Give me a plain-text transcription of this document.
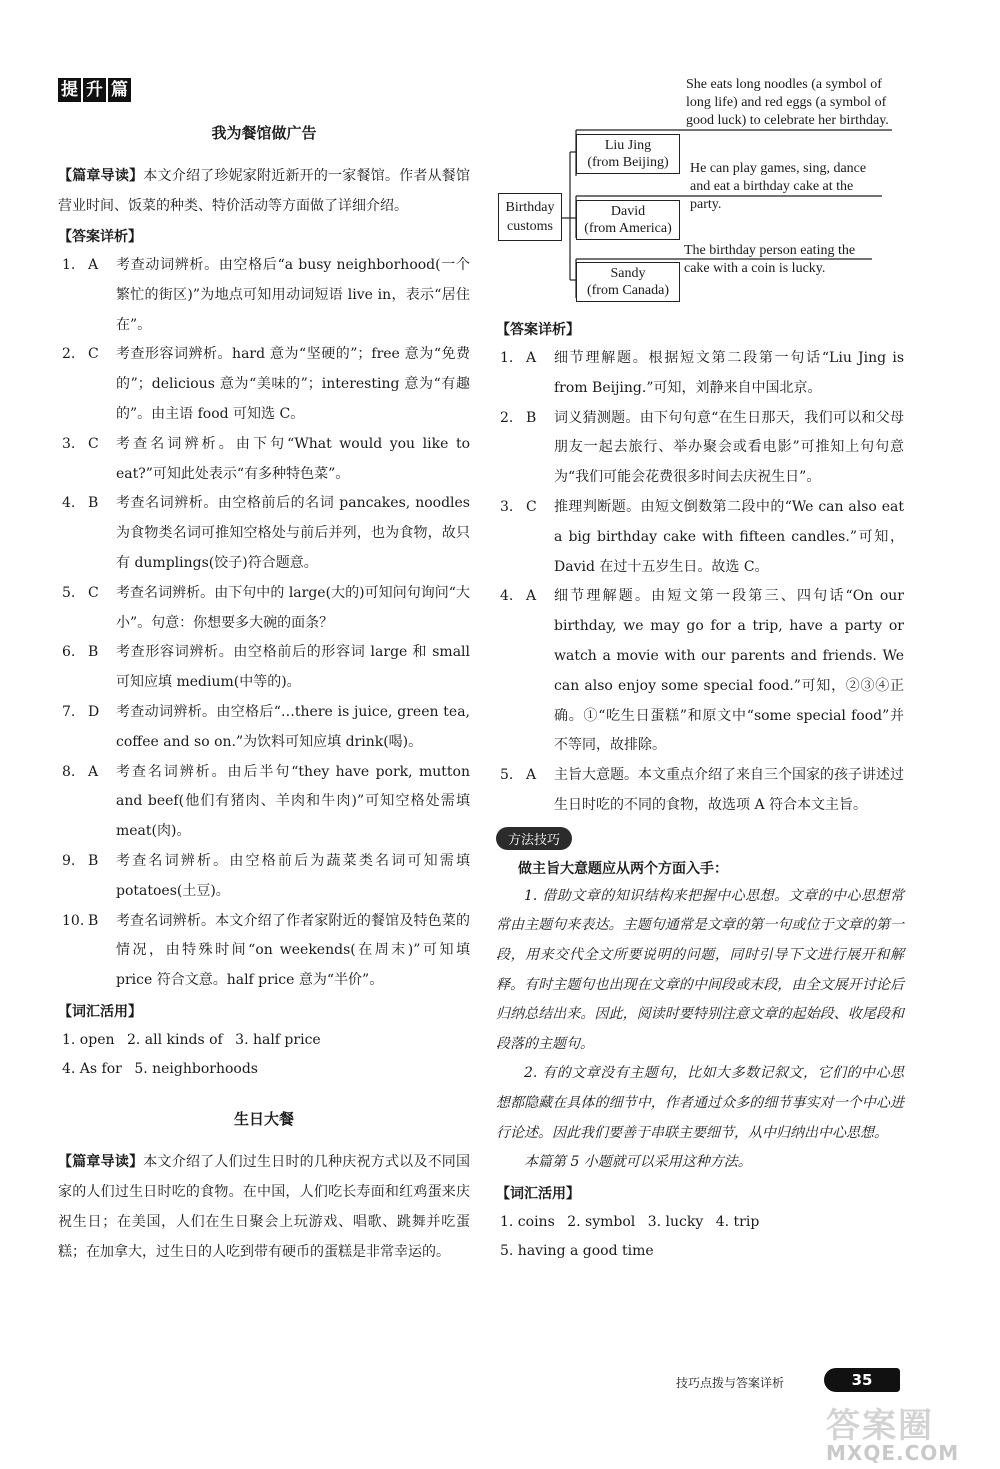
提 升 篇
我为餐馆做广告

【篇章导读】本文介绍了珍妮家附近新开的一家餐馆。作者从餐馆营业时间、饭菜的种类、特价活动等方面做了详细介绍。

【答案详析】
1. A	考查动词辨析。由空格后“a busy neighborhood(一个繁忙的街区)”为地点可知用动词短语 live in，表示“居住在”。
2. C	考查形容词辨析。hard 意为“坚硬的”；free 意为“免费的”；delicious 意为“美味的”；interesting 意为“有趣的”。由主语 food 可知选 C。
3. C	考查名词辨析。由下句“What would you like to eat?”可知此处表示“有多种特色菜”。
4. B	考查名词辨析。由空格前后的名词 pancakes, noodles 为食物类名词可推知空格处与前后并列，也为食物，故只有 dumplings(饺子)符合题意。
5. C	考查名词辨析。由下句中的 large(大的)可知问句询问“大小”。句意：你想要多大碗的面条？
6. B	考查形容词辨析。由空格前后的形容词 large 和 small 可知应填 medium(中等的)。
7. D	考查动词辨析。由空格后“…there is juice, green tea, coffee and so on.”为饮料可知应填 drink(喝)。
8. A	考查名词辨析。由后半句“they have pork, mutton and beef(他们有猪肉、羊肉和牛肉)”可知空格处需填 meat(肉)。
9. B	考查名词辨析。由空格前后为蔬菜类名词可知需填 potatoes(土豆)。
10. B	考查名词辨析。本文介绍了作者家附近的餐馆及特色菜的情况，由特殊时间“on weekends(在周末)”可知填 price 符合文意。half price 意为“半价”。
【词汇活用】
1. open 2. all kinds of 3. half price
4. As for 5. neighborhoods
生日大餐

【篇章导读】本文介绍了人们过生日时的几种庆祝方式以及不同国家的人们过生日时吃的食物。在中国，人们吃长寿面和红鸡蛋来庆祝生日；在美国，人们在生日聚会上玩游戏、唱歌、跳舞并吃蛋糕；在加拿大，过生日的人吃到带有硬币的蛋糕是非常幸运的。

Birthday customs
Liu Jing
(from Beijing)
David
(from America)
Sandy
(from Canada)
She eats long noodles (a symbol of long life) and red eggs (a symbol of good luck) to celebrate her birthday.
He can play games, sing, dance and eat a birthday cake at the party.
The birthday person eating the cake with a coin is lucky.
【答案详析】
1. A	细节理解题。根据短文第二段第一句话“Liu Jing is from Beijing.”可知，刘静来自中国北京。
2. B	词义猜测题。由下句句意“在生日那天，我们可以和父母朋友一起去旅行、举办聚会或看电影”可推知上句句意为“我们可能会花费很多时间去庆祝生日”。
3. C	推理判断题。由短文倒数第二段中的“We can also eat a big birthday cake with fifteen candles.”可知，David 在过十五岁生日。故选 C。
4. A	细节理解题。由短文第一段第三、四句话“On our birthday, we may go for a trip, have a party or watch a movie with our parents and friends. We can also enjoy some special food.”可知，②③④正确。①“吃生日蛋糕”和原文中“some special food”并不等同，故排除。
5. A	主旨大意题。本文重点介绍了来自三个国家的孩子讲述过生日时吃的不同的食物，故选项 A 符合本文主旨。
方法技巧
做主旨大意题应从两个方面入手：

1. 借助文章的知识结构来把握中心思想。文章的中心思想常常由主题句来表达。主题句通常是文章的第一句或位于文章的第一段，用来交代全文所要说明的问题，同时引导下文进行展开和解释。有时主题句也出现在文章的中间段或末段，由全文展开讨论后归纳总结出来。因此，阅读时要特别注意文章的起始段、收尾段和段落的主题句。

2. 有的文章没有主题句，比如大多数记叙文，它们的中心思想都隐藏在具体的细节中，作者通过众多的细节事实对一个中心进行论述。因此我们要善于串联主要细节，从中归纳出中心思想。

本篇第 5 小题就可以采用这种方法。

【词汇活用】
1. coins 2. symbol 3. lucky 4. trip
5. having a good time
技巧点拨与答案详析	35
答案圈
MXQE.COM
